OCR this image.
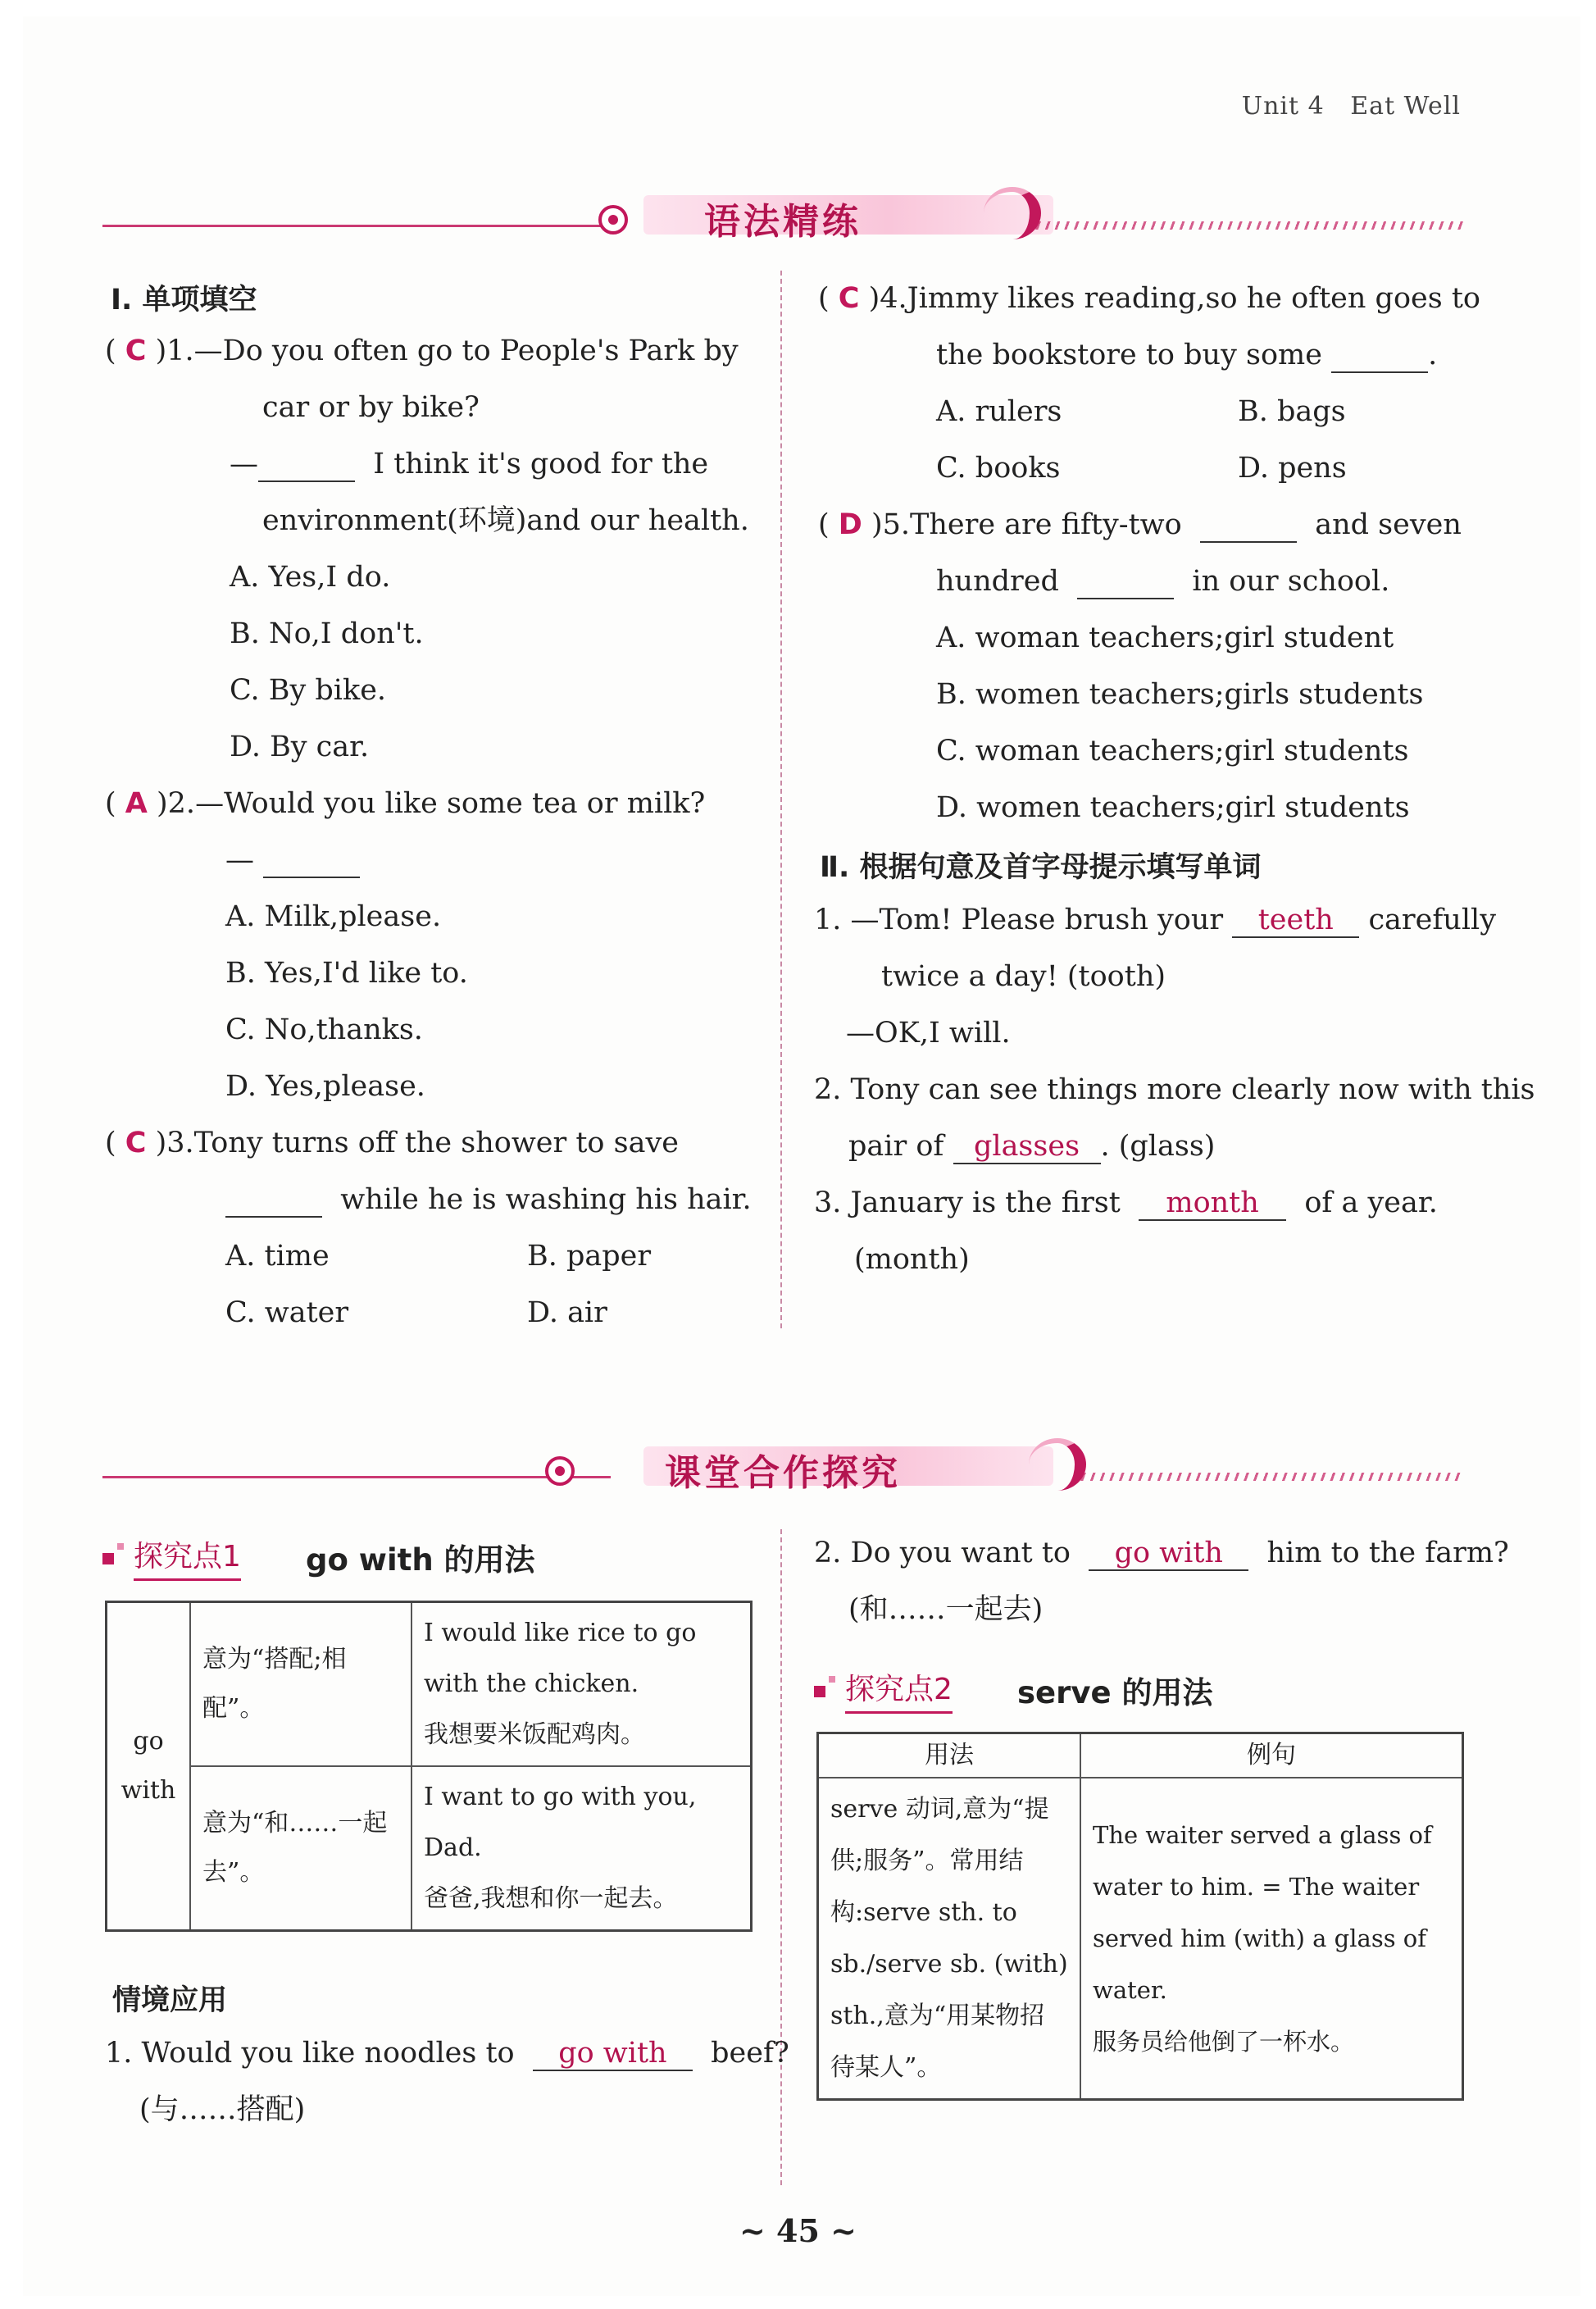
Unit 4 Eat Well
语法精练
Ⅰ. 单项填空
( C )1.—Do you often go to People's Park by
car or by bike?
—	I think it's good for the
environment(环境)and our health.
A. Yes,I do.
B. No,I don't.
C. By bike.
D. By car.
( A )2.—Would you like some tea or milk?
—
A. Milk,please.
B. Yes,I'd like to.
C. No,thanks.
D. Yes,please.
( C )3.Tony turns off the shower to save
while he is washing his hair.
A. time	B. paper
C. water	D. air
( C )4.Jimmy likes reading,so he often goes to
the bookstore to buy some	.
A. rulers	B. bags
C. books	D. pens
( D )5.There are fifty-two	and seven
hundred	in our school.
A. woman teachers;girl student
B. women teachers;girls students
C. woman teachers;girl students
D. women teachers;girl students
Ⅱ. 根据句意及首字母提示填写单词
1. —Tom! Please brush your teeth carefully
twice a day! (tooth)
—OK,I will.
2. Tony can see things more clearly now with this
pair of glasses . (glass)
3. January is the first month of a year.
(month)
课堂合作探究
探究点1 go with 的用法
go with	意为“搭配;相配”。	I would like rice to go with the chicken.
我想要米饭配鸡肉。
	意为“和……一起去”。	I want to go with you, Dad.
爸爸,我想和你一起去。
情境应用
1. Would you like noodles to go with beef?
(与……搭配)
2. Do you want to go with him to the farm?
(和……一起去)
探究点2 serve 的用法
用法	例句
serve 动词,意为“提供;服务”。常用结构:serve sth. to sb./serve sb. (with) sth.,意为“用某物招待某人”。	The waiter served a glass of water to him. = The waiter served him (with) a glass of water.
服务员给他倒了一杯水。
~ 45 ~
